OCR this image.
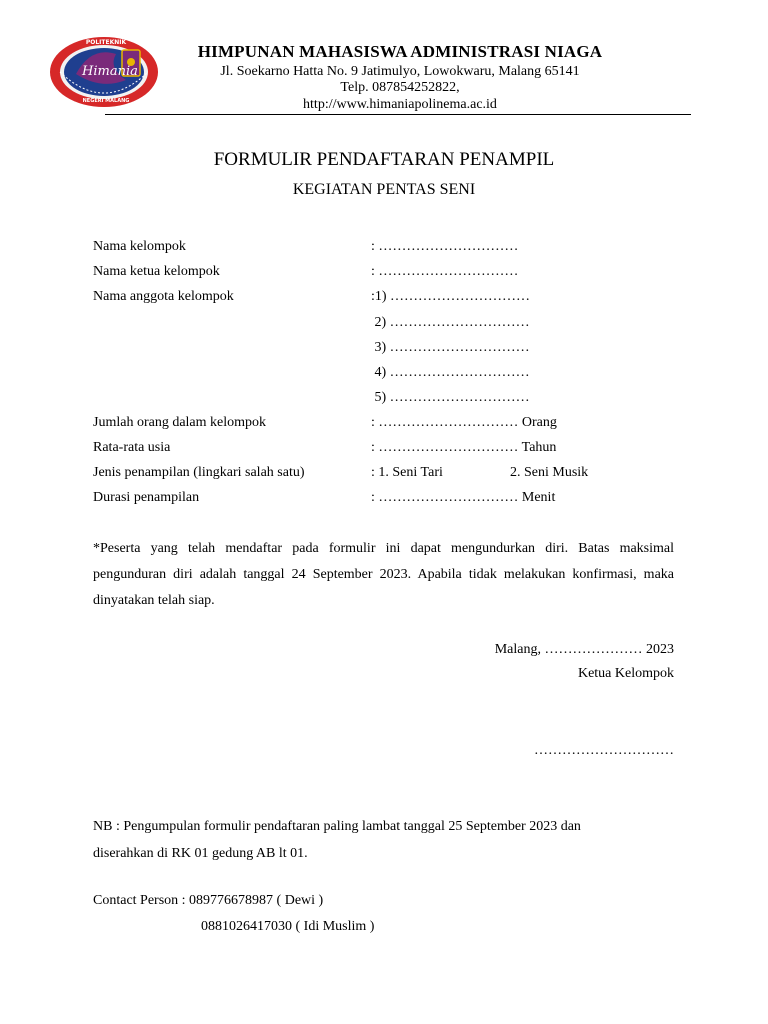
Himania
POLITEKNIK
NEGERI MALANG
HIMPUNAN MAHASISWA ADMINISTRASI NIAGA
Jl. Soekarno Hatta No. 9 Jatimulyo, Lowokwaru, Malang 65141
Telp. 087854252822,
http://www.himaniapolinema.ac.id
FORMULIR PENDAFTARAN PENAMPIL
KEGIATAN PENTAS SENI
Nama kelompok	: …………………………
Nama ketua kelompok	: …………………………
Nama anggota kelompok	:1) …………………………
2) …………………………
3) …………………………
4) …………………………
5) …………………………
Jumlah orang dalam kelompok	: ………………………… Orang
Rata-rata usia	: ………………………… Tahun
Jenis penampilan (lingkari salah satu)	: 1. Seni Tari	2. Seni Musik
Durasi penampilan	: ………………………… Menit
*Peserta yang telah mendaftar pada formulir ini dapat mengundurkan diri. Batas maksimal pengunduran diri adalah tanggal 24 September 2023. Apabila tidak melakukan konfirmasi, maka dinyatakan telah siap.
Malang, ………………… 2023
Ketua Kelompok
…………………………
NB : Pengumpulan formulir pendaftaran paling lambat tanggal 25 September 2023 dan
diserahkan di RK 01 gedung AB lt 01.
Contact Person : 089776678987 ( Dewi )
0881026417030 ( Idi Muslim )
